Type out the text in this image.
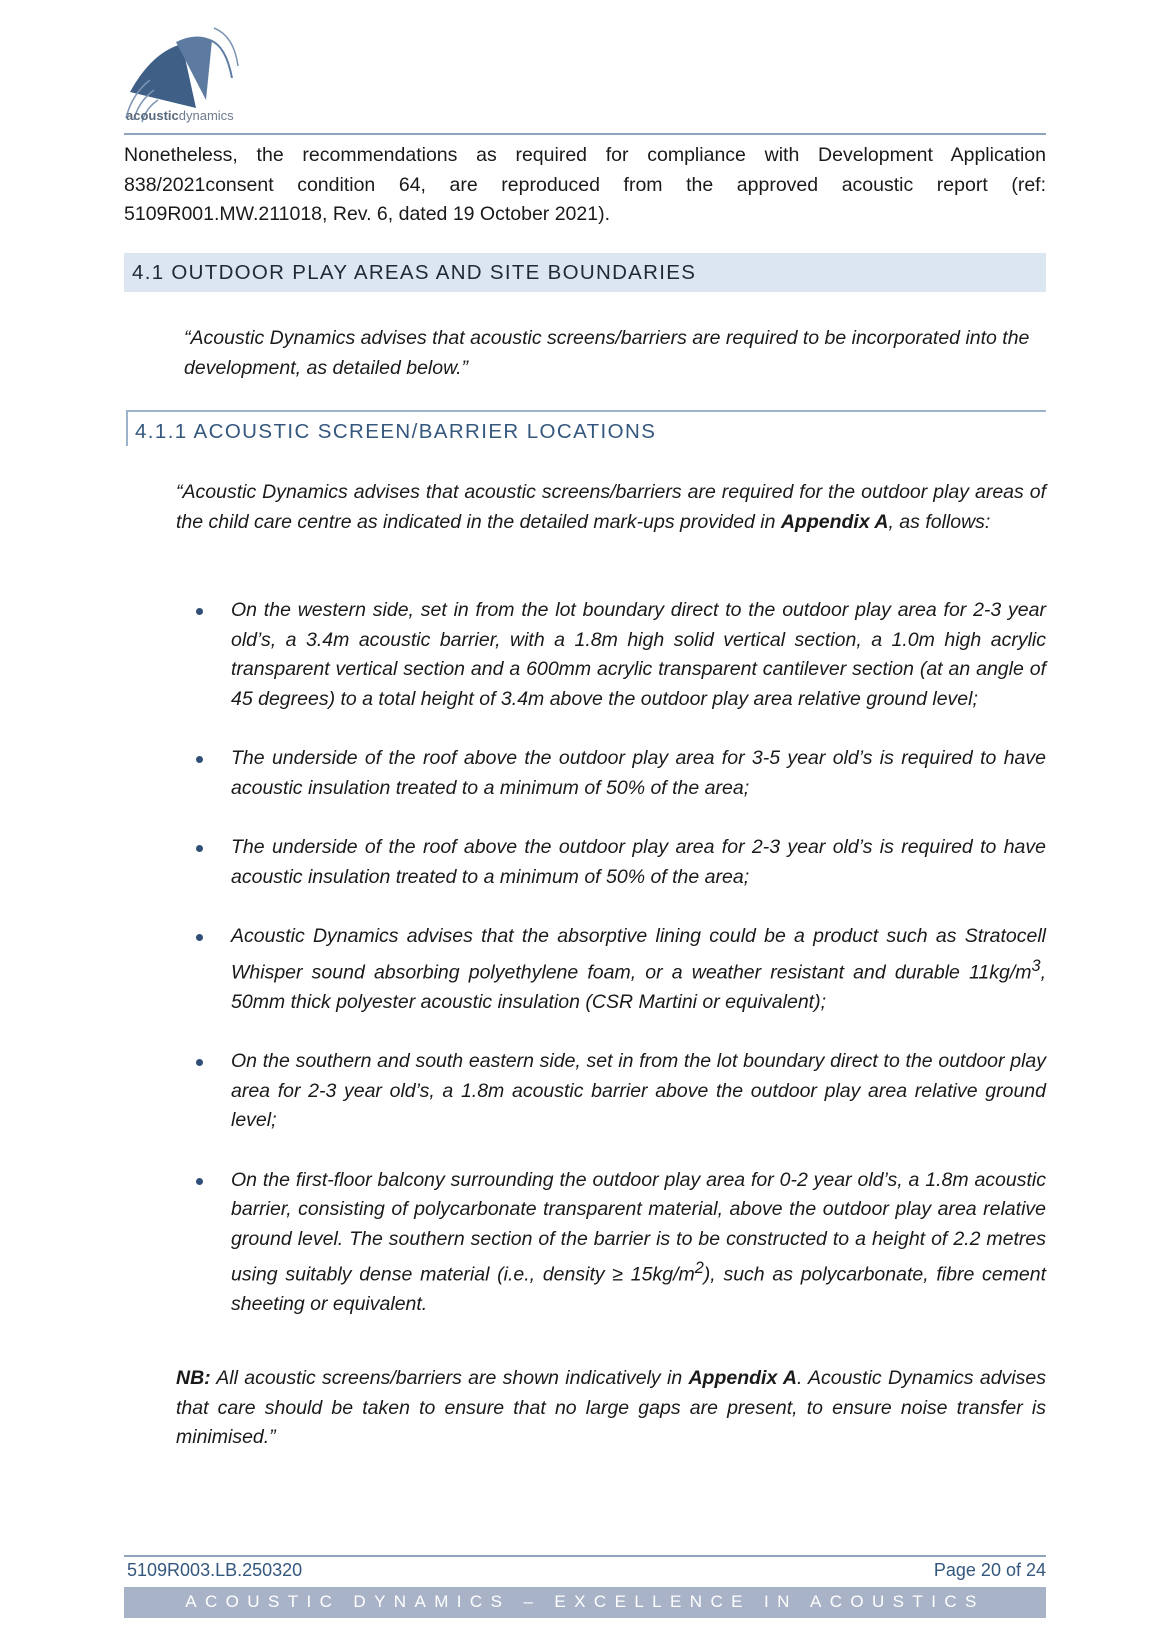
acousticdynamics

Nonetheless, the recommendations as required for compliance with Development Application 838/2021consent condition 64, are reproduced from the approved acoustic report (ref: 5109R001.MW.211018, Rev. 6, dated 19 October 2021).

4.1 OUTDOOR PLAY AREAS AND SITE BOUNDARIES

“Acoustic Dynamics advises that acoustic screens/barriers are required to be incorporated into the development, as detailed below.”

4.1.1 ACOUSTIC SCREEN/BARRIER LOCATIONS

“Acoustic Dynamics advises that acoustic screens/barriers are required for the outdoor play areas of the child care centre as indicated in the detailed mark-ups provided in Appendix A, as follows:

On the western side, set in from the lot boundary direct to the outdoor play area for 2-3 year old’s, a 3.4m acoustic barrier, with a 1.8m high solid vertical section, a 1.0m high acrylic transparent vertical section and a 600mm acrylic transparent cantilever section (at an angle of 45 degrees) to a total height of 3.4m above the outdoor play area relative ground level;
The underside of the roof above the outdoor play area for 3-5 year old’s is required to have acoustic insulation treated to a minimum of 50% of the area;
The underside of the roof above the outdoor play area for 2-3 year old’s is required to have acoustic insulation treated to a minimum of 50% of the area;
Acoustic Dynamics advises that the absorptive lining could be a product such as Stratocell Whisper sound absorbing polyethylene foam, or a weather resistant and durable $11kg/m^3$, 50mm thick polyester acoustic insulation (CSR Martini or equivalent);
On the southern and south eastern side, set in from the lot boundary direct to the outdoor play area for 2-3 year old’s, a 1.8m acoustic barrier above the outdoor play area relative ground level;
On the first-floor balcony surrounding the outdoor play area for 0-2 year old’s, a 1.8m acoustic barrier, consisting of polycarbonate transparent material, above the outdoor play area relative ground level. The southern section of the barrier is to be constructed to a height of 2.2 metres using suitably dense material (i.e., density ≥ $15kg/m^2$), such as polycarbonate, fibre cement sheeting or equivalent.

NB: All acoustic screens/barriers are shown indicatively in Appendix A. Acoustic Dynamics advises that care should be taken to ensure that no large gaps are present, to ensure noise transfer is minimised.”

5109R003.LB.250320	Page 20 of 24
ACOUSTIC DYNAMICS – EXCELLENCE IN ACOUSTICS
